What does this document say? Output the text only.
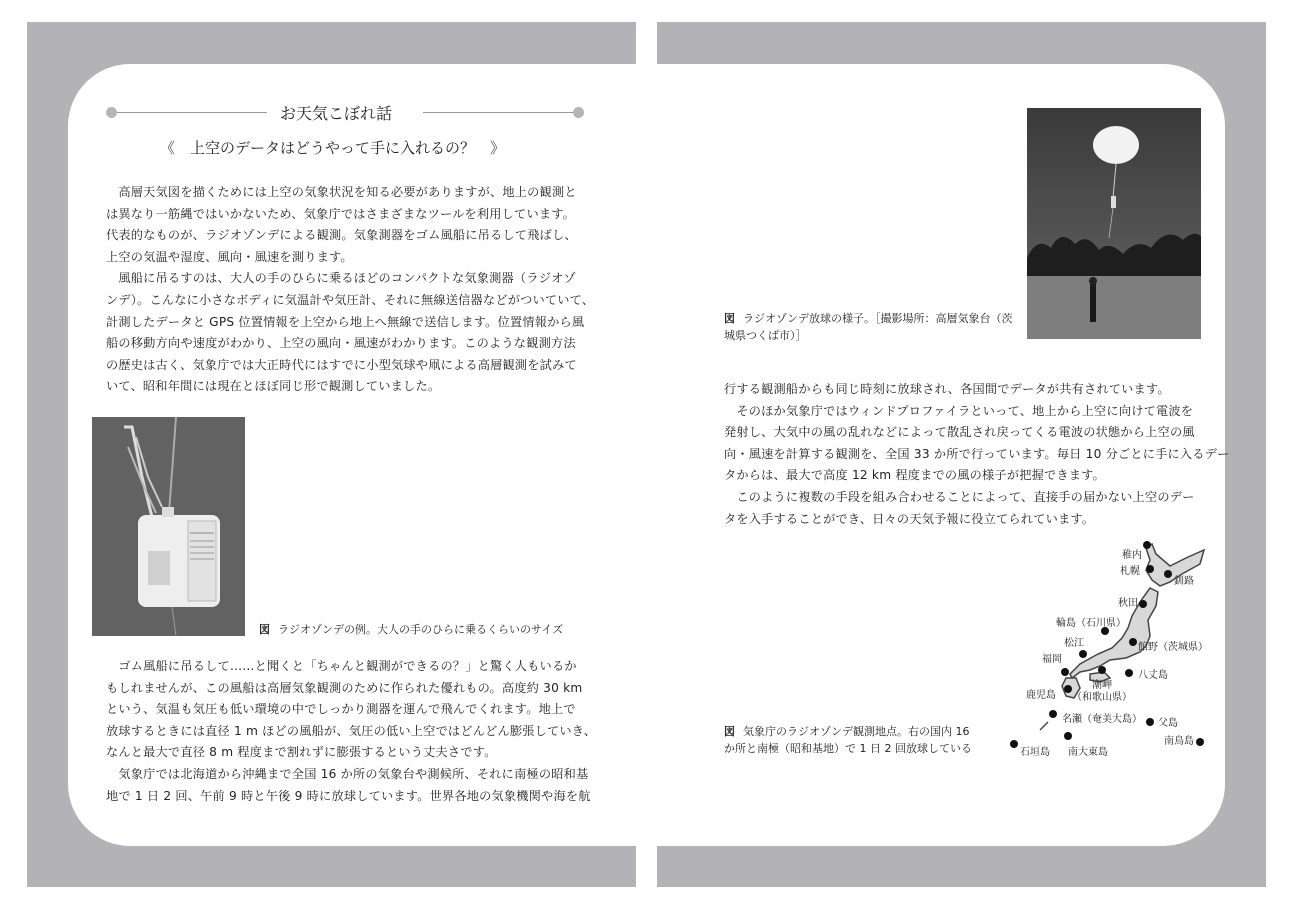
お天気こぼれ話
《　上空のデータはどうやって手に入れるの？　》
　高層天気図を描くためには上空の気象状況を知る必要がありますが、地上の観測と
は異なり一筋縄ではいかないため、気象庁ではさまざまなツールを利用しています。
代表的なものが、ラジオゾンデによる観測。気象測器をゴム風船に吊るして飛ばし、
上空の気温や湿度、風向・風速を測ります。
　風船に吊るすのは、大人の手のひらに乗るほどのコンパクトな気象測器（ラジオゾ
ンデ）。こんなに小さなボディに気温計や気圧計、それに無線送信器などがついていて、
計測したデータと GPS 位置情報を上空から地上へ無線で送信します。位置情報から風
船の移動方向や速度がわかり、上空の風向・風速がわかります。このような観測方法
の歴史は古く、気象庁では大正時代にはすでに小型気球や凧による高層観測を試みて
いて、昭和年間には現在とほぼ同じ形で観測していました。
図 ラジオゾンデの例。大人の手のひらに乗るくらいのサイズ
　ゴム風船に吊るして……と聞くと「ちゃんと観測ができるの？」と驚く人もいるか
もしれませんが、この風船は高層気象観測のために作られた優れもの。高度約 30 km
という、気温も気圧も低い環境の中でしっかり測器を運んで飛んでくれます。地上で
放球するときには直径 1 m ほどの風船が、気圧の低い上空ではどんどん膨張していき、
なんと最大で直径 8 m 程度まで割れずに膨張するという丈夫さです。
　気象庁では北海道から沖縄まで全国 16 か所の気象台や測候所、それに南極の昭和基
地で 1 日 2 回、午前 9 時と午後 9 時に放球しています。世界各地の気象機関や海を航
図 ラジオゾンデ放球の様子。［撮影場所：高層気象台（茨
城県つくば市）］
行する観測船からも同じ時刻に放球され、各国間でデータが共有されています。
　そのほか気象庁ではウィンドプロファイラといって、地上から上空に向けて電波を
発射し、大気中の風の乱れなどによって散乱され戻ってくる電波の状態から上空の風
向・風速を計算する観測を、全国 33 か所で行っています。毎日 10 分ごとに手に入るデー
タからは、最大で高度 12 km 程度までの風の様子が把握できます。
　このように複数の手段を組み合わせることによって、直接手の届かない上空のデー
タを入手することができ、日々の天気予報に役立てられています。
稚内
札幌
釧路
秋田
輪島（石川県）
松江	館野（茨城県）
福岡
八丈島
潮岬
（和歌山県）
鹿児島
名瀬（奄美大島） 父島
南鳥島
石垣島 南大東島
図 気象庁のラジオゾンデ観測地点。右の国内 16
か所と南極（昭和基地）で 1 日 2 回放球している
